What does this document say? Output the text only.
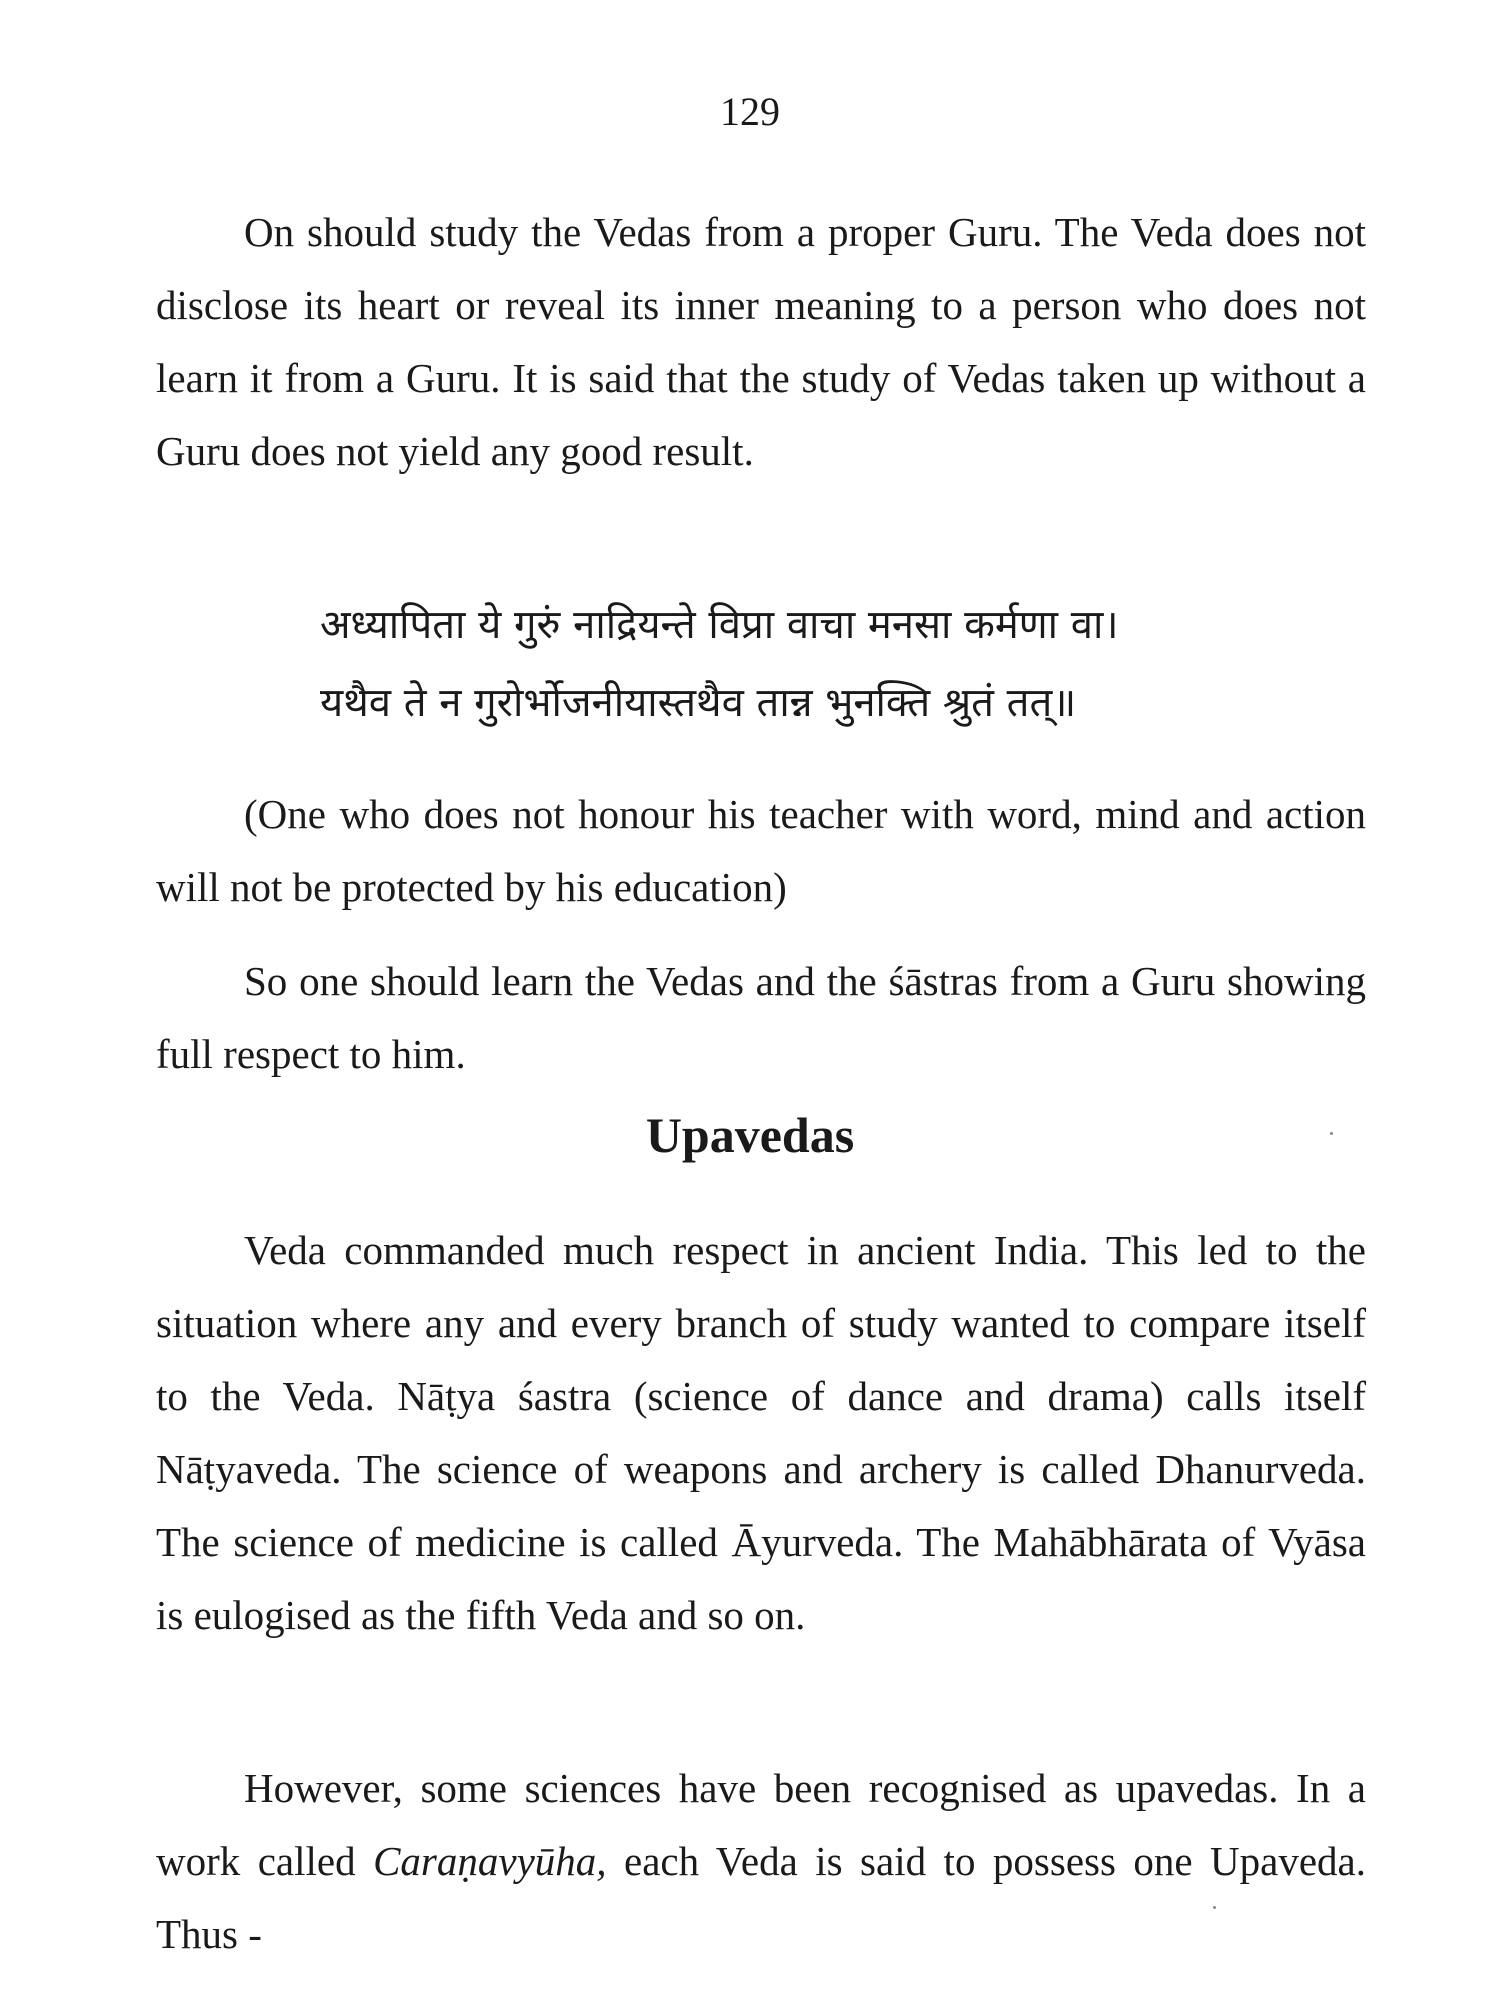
129

On should study the Vedas from a proper Guru. The Veda does not disclose its heart or reveal its inner meaning to a person who does not learn it from a Guru. It is said that the study of Vedas taken up without a Guru does not yield any good result.

अध्यापिता ये गुरुं नाद्रियन्ते विप्रा वाचा मनसा कर्मणा वा।
यथैव ते न गुरोर्भोजनीयास्तथैव तान्न भुनक्ति श्रुतं तत्॥

(One who does not honour his teacher with word, mind and action will not be protected by his education)

So one should learn the Vedas and the śāstras from a Guru showing full respect to him.

Upavedas

Veda commanded much respect in ancient India. This led to the situation where any and every branch of study wanted to compare itself to the Veda. Nāṭya śastra (science of dance and drama) calls itself Nāṭyaveda. The science of weapons and archery is called Dhanurveda. The science of medicine is called Āyurveda. The Mahābhārata of Vyāsa is eulogised as the fifth Veda and so on.

However, some sciences have been recognised as upavedas. In a work called Caraṇavyūha, each Veda is said to possess one Upaveda. Thus -
